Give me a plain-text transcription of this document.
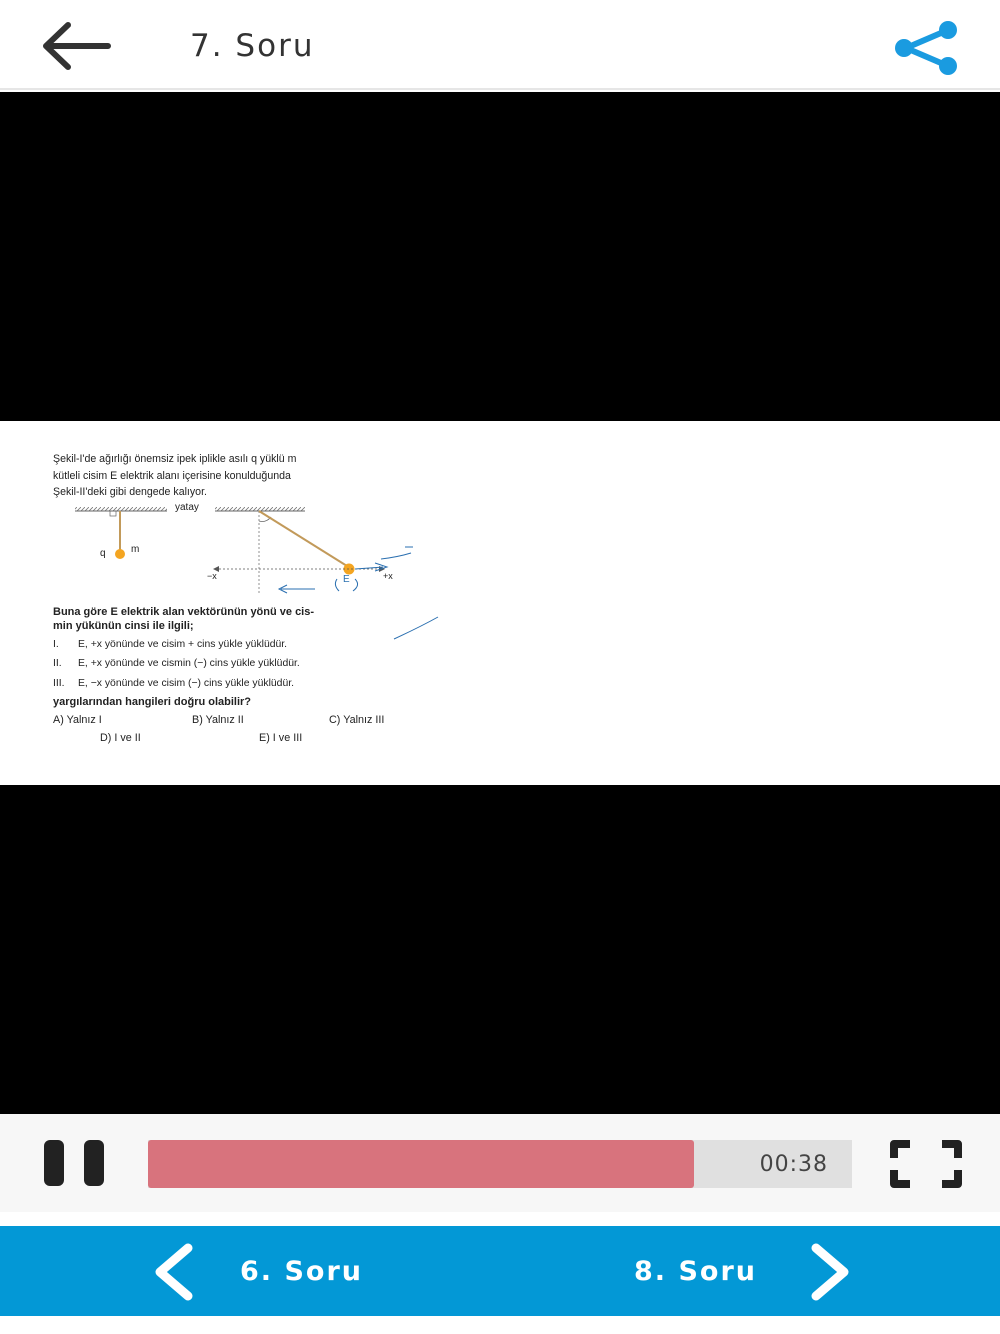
7. Soru
Şekil-I'de ağırlığı önemsiz ipek iplikle asılı q yüklü m
kütleli cisim E elektrik alanı içerisine konulduğunda
Şekil-II'deki gibi dengede kalıyor.
yatay
q	m
−x	+x
E
Buna göre E elektrik alan vektörünün yönü ve cis-
min yükünün cinsi ile ilgili;
I.	E, +x yönünde ve cisim + cins yükle yüklüdür.
II.	E, +x yönünde ve cismin (−) cins yükle yüklüdür.
III.	E, −x yönünde ve cisim (−) cins yükle yüklüdür.
yargılarından hangileri doğru olabilir?
A) Yalnız I	B) Yalnız II	C) Yalnız III
D) I ve II	E) I ve III
00:38
6. Soru	8. Soru
